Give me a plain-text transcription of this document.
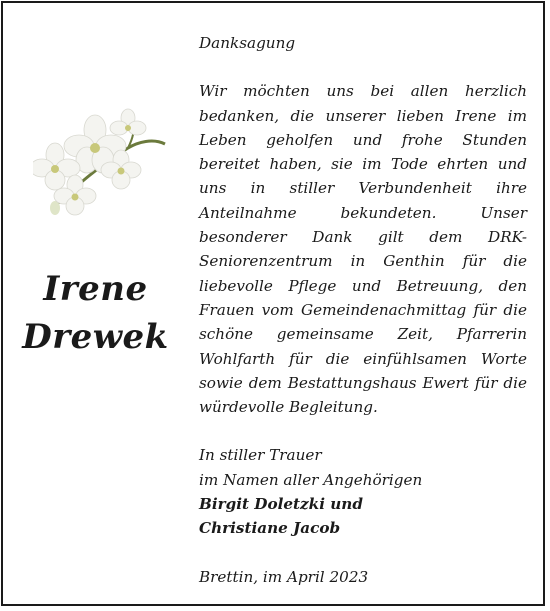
Irene
Drewek
Danksagung
Wir möchten uns bei allen herzlich bedanken, die unserer lieben Irene im Leben geholfen und frohe Stunden bereitet haben, sie im Tode ehrten und uns in stiller Verbundenheit ihre Anteilnahme bekundeten. Unser besonderer Dank gilt dem DRK-Seniorenzentrum in Genthin für die liebevolle Pflege und Betreuung, den Frauen vom Gemeindenachmittag für die schöne gemeinsame Zeit, Pfarrerin Wohlfarth für die einfühlsamen Worte sowie dem Bestattungshaus Ewert für die würdevolle Begleitung.
In stiller Trauer
im Namen aller Angehörigen
Birgit Doletzki und
Christiane Jacob
Brettin, im April 2023
